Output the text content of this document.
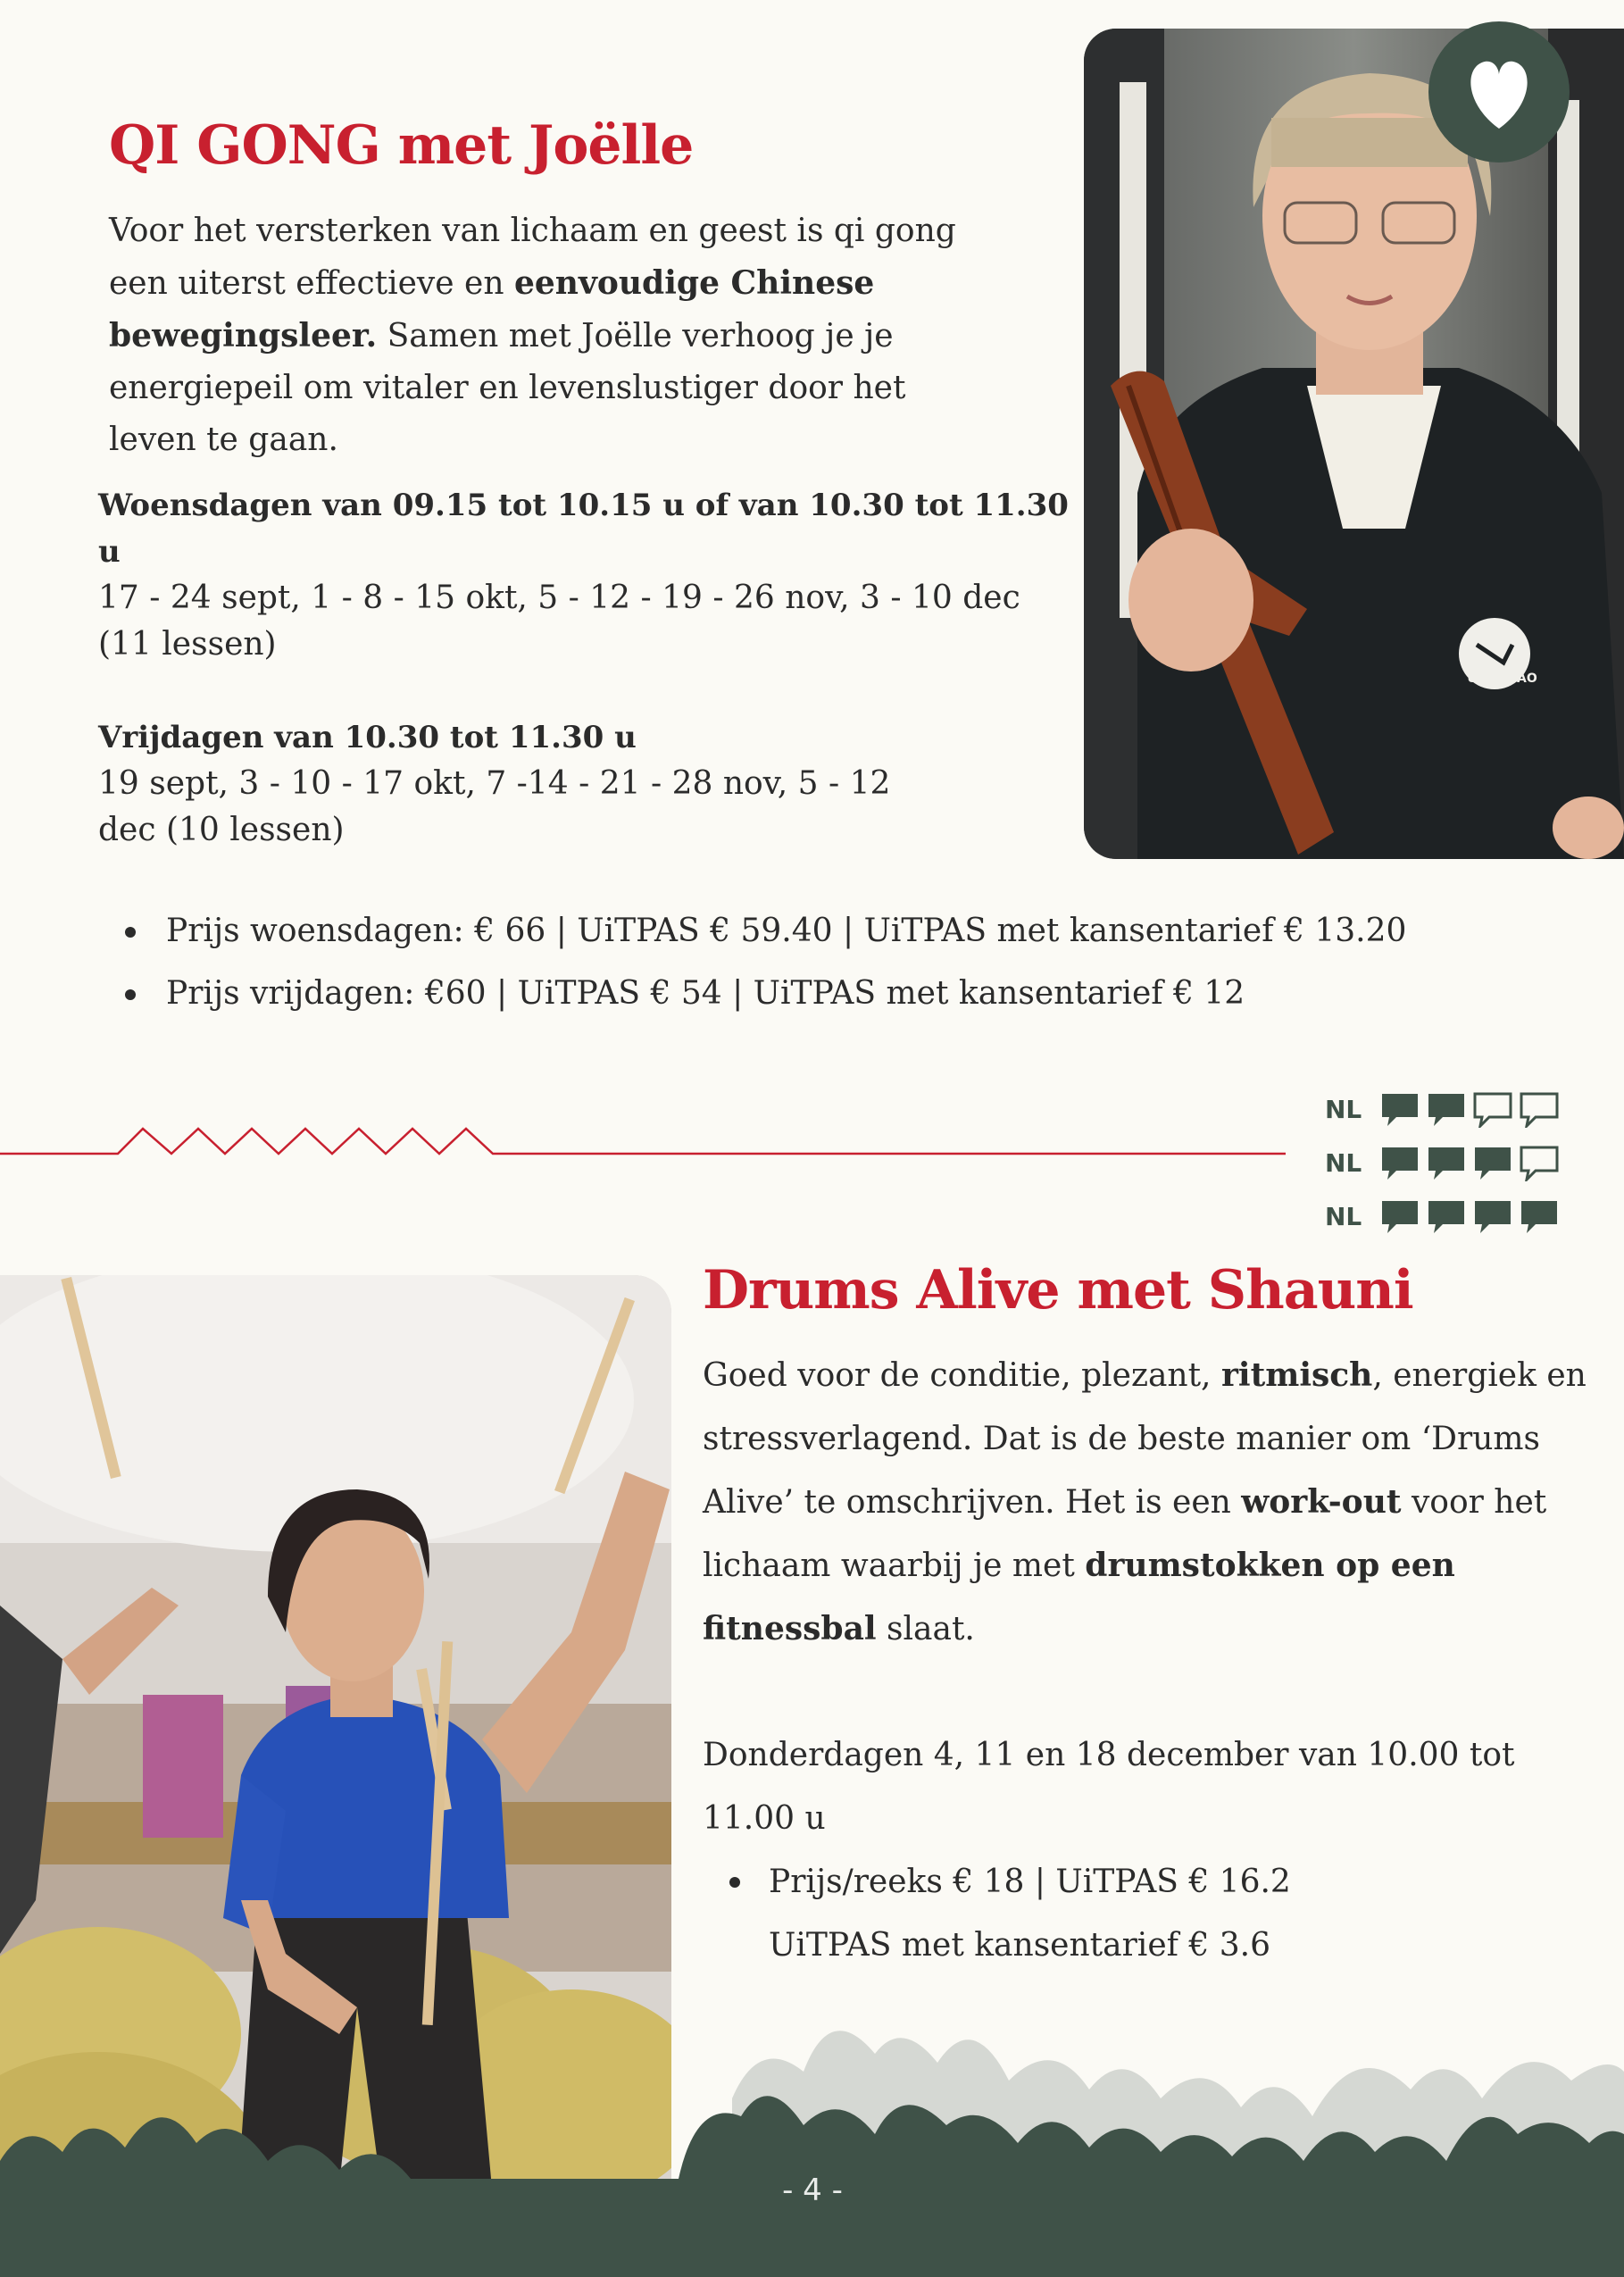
QI GONG met Joëlle

Voor het versterken van lichaam en geest is qi gong een uiterst effectieve en eenvoudige Chinese bewegingsleer. Samen met Joëlle verhoog je je energiepeil om vitaler en levenslustiger door het leven te gaan.

Woensdagen van 09.15 tot 10.15 u of van 10.30 tot 11.30 u
17 - 24 sept, 1 - 8 - 15 okt, 5 - 12 - 19 - 26 nov, 3 - 10 dec (11 lessen)
Vrijdagen van 10.30 tot 11.30 u
19 sept, 3 - 10 - 17 okt, 7 -14 - 21 - 28 nov, 5 - 12 dec (10 lessen)
école TAO
Prijs woensdagen: € 66 | UiTPAS € 59.40 | UiTPAS met kansentarief € 13.20
Prijs vrijdagen: €60 | UiTPAS € 54 | UiTPAS met kansentarief € 12
NL
NL
NL
Drums Alive met Shauni

Goed voor de conditie, plezant, ritmisch, energiek en stressverlagend. Dat is de beste manier om ‘Drums Alive’ te omschrijven. Het is een work-out voor het lichaam waarbij je met drumstokken op een fitnessbal slaat.

Donderdagen 4, 11 en 18 december van 10.00 tot 11.00 u

Prijs/reeks € 18 | UiTPAS € 16.2
UiTPAS met kansentarief € 3.6
- 4 -
